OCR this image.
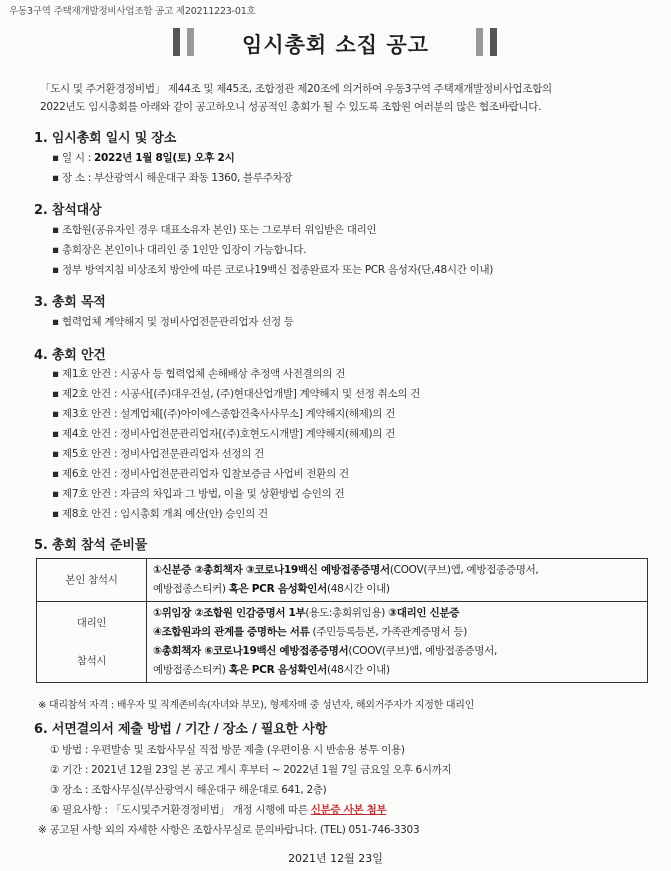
우동3구역 주택재개발정비사업조합 공고 제20211223-01호
임시총회 소집 공고
「도시 및 주거환경정비법」 제44조 및 제45조, 조합정관 제20조에 의거하여 우동3구역 주택재개발정비사업조합의
2022년도 임시총회를 아래와 같이 공고하오니 성공적인 총회가 될 수 있도록 조합원 여러분의 많은 협조바랍니다.
1. 임시총회 일시 및 장소
▪ 일 시 : 2022년 1월 8일(토) 오후 2시
▪ 장 소 : 부산광역시 해운대구 좌동 1360, 블루주차장
2. 참석대상
▪ 조합원(공유자인 경우 대표소유자 본인) 또는 그로부터 위임받은 대리인
▪ 총회장은 본인이나 대리인 중 1인만 입장이 가능합니다.
▪ 정부 방역지침 비상조치 방안에 따른 코로나19백신 접종완료자 또는 PCR 음성자(단,48시간 이내)
3. 총회 목적
▪ 협력업체 계약해지 및 정비사업전문관리업자 선정 등
4. 총회 안건
▪ 제1호 안건 : 시공사 등 협력업체 손해배상 추정액 사전결의의 건
▪ 제2호 안건 : 시공사[(주)대우건설, (주)현대산업개발] 계약해지 및 선정 취소의 건
▪ 제3호 안건 : 설계업체[(주)아이에스종합건축사사무소] 계약해지(해제)의 건
▪ 제4호 안건 : 정비사업전문관리업자[(주)호현도시개발] 계약해지(해제)의 건
▪ 제5호 안건 : 정비사업전문관리업자 선정의 건
▪ 제6호 안건 : 정비사업전문관리업자 입찰보증금 사업비 전환의 건
▪ 제7호 안건 : 자금의 차입과 그 방법, 이율 및 상환방법 승인의 건
▪ 제8호 안건 : 임시총회 개최 예산(안) 승인의 건
5. 총회 참석 준비물
본인 참석시	①신분증 ②총회책자 ③코로나19백신 예방접종증명서(COOV(쿠브)앱, 예방접종증명서,
예방접종스티커) 혹은 PCR 음성확인서(48시간 이내)
대리인

참석시	①위임장 ②조합원 인감증명서 1부(용도:총회위임용) ③대리인 신분증
④조합원과의 관계를 증명하는 서류 (주민등록등본, 가족관계증명서 등)
⑤총회책자 ⑥코로나19백신 예방접종증명서(COOV(쿠브)앱, 예방접종증명서,
예방접종스티커) 혹은 PCR 음성확인서(48시간 이내)
※ 대리참석 자격 : 배우자 및 직계존비속(자녀와 부모), 형제자매 중 성년자, 해외거주자가 지정한 대리인
6. 서면결의서 제출 방법 / 기간 / 장소 / 필요한 사항
① 방법 : 우편발송 및 조합사무실 직접 방문 제출 (우편이용 시 반송용 봉투 이용)
② 기간 : 2021년 12월 23일 본 공고 게시 후부터 ~ 2022년 1월 7일 금요일 오후 6시까지
③ 장소 : 조합사무실(부산광역시 해운대구 해운대로 641, 2층)
④ 필요사항 : 「도시및주거환경정비법」 개정 시행에 따른 신분증 사본 첨부
※ 공고된 사항 외의 자세한 사항은 조합사무실로 문의바랍니다. (TEL) 051-746-3303
2021년 12월 23일
